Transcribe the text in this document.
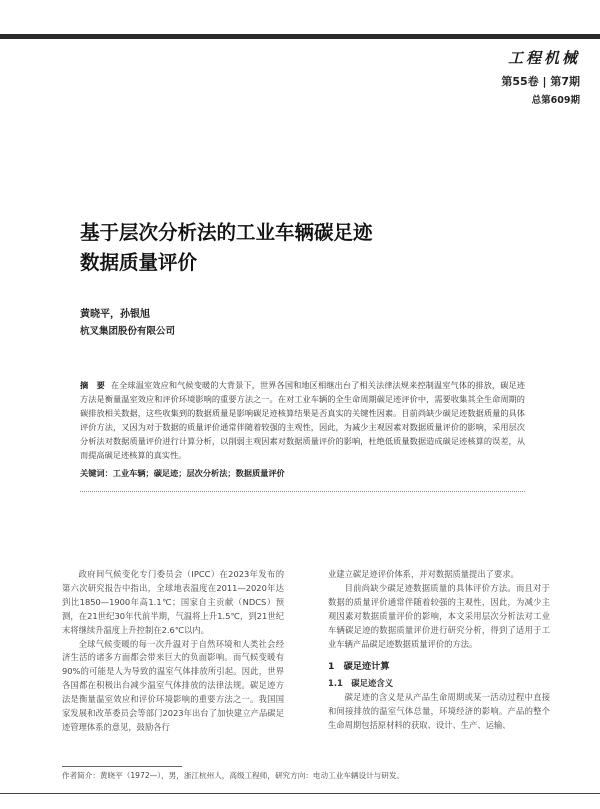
工程机械
第55卷 | 第7期
总第609期
基于层次分析法的工业车辆碳足迹
数据质量评价
黄晓平，孙银旭
杭叉集团股份有限公司
摘　要 在全球温室效应和气候变暖的大背景下，世界各国和地区相继出台了相关法律法规来控制温室气体的排放，碳足迹方法是衡量温室效应和评价环境影响的重要方法之一。在对工业车辆的全生命周期碳足迹评价中，需要收集其全生命周期的碳排放相关数据，这些收集到的数据质量是影响碳足迹核算结果是否真实的关键性因素。目前尚缺少碳足迹数据质量的具体评价方法，又因为对于数据的质量评价通常伴随着较强的主观性，因此，为减少主观因素对数据质量评价的影响，采用层次分析法对数据质量评价进行计算分析，以削弱主观因素对数据质量评价的影响，杜绝低质量数据造成碳足迹核算的误差，从而提高碳足迹核算的真实性。
关键词：工业车辆；碳足迹；层次分析法；数据质量评价

政府间气候变化专门委员会（IPCC）在2023年发布的第六次研究报告中指出，全球地表温度在2011—2020年达到比1850—1900年高1.1℃；国家自主贡献（NDCS）预测，在21世纪30年代前半期，气温将上升1.5℃，到21世纪末将继续升温度上升控制在2.6℃以内。

全球气候变暖的每一次升温对于自然环境和人类社会经济生活的诸多方面都会带来巨大的负面影响。而气候变暖有90%的可能是人为导致的温室气体排放所引起。因此，世界各国都在积极出台减少温室气体排放的法律法规。碳足迹方法是衡量温室效应和评价环境影响的重要方法之一。我国国家发展和改革委员会等部门2023年出台了加快建立产品碳足迹管理体系的意见，鼓励各行

业建立碳足迹评价体系，并对数据质量提出了要求。

目前尚缺少碳足迹数据质量的具体评价方法。而且对于数据的质量评价通常伴随着较强的主观性，因此，为减少主观因素对数据质量评价的影响，本文采用层次分析法对工业车辆碳足迹的数据质量评价进行研究分析，得到了适用于工业车辆产品碳足迹数据质量评价的方法。

1　碳足迹计算
1.1　碳足迹含义

碳足迹的含义是从产品生命周期或某一活动过程中直接和间接排放的温室气体总量，环境经济的影响。产品的整个生命周期包括原材料的获取、设计、生产、运输、

作者简介：黄晓平（1972—），男，浙江杭州人，高级工程师，研究方向：电动工业车辆设计与研发。
